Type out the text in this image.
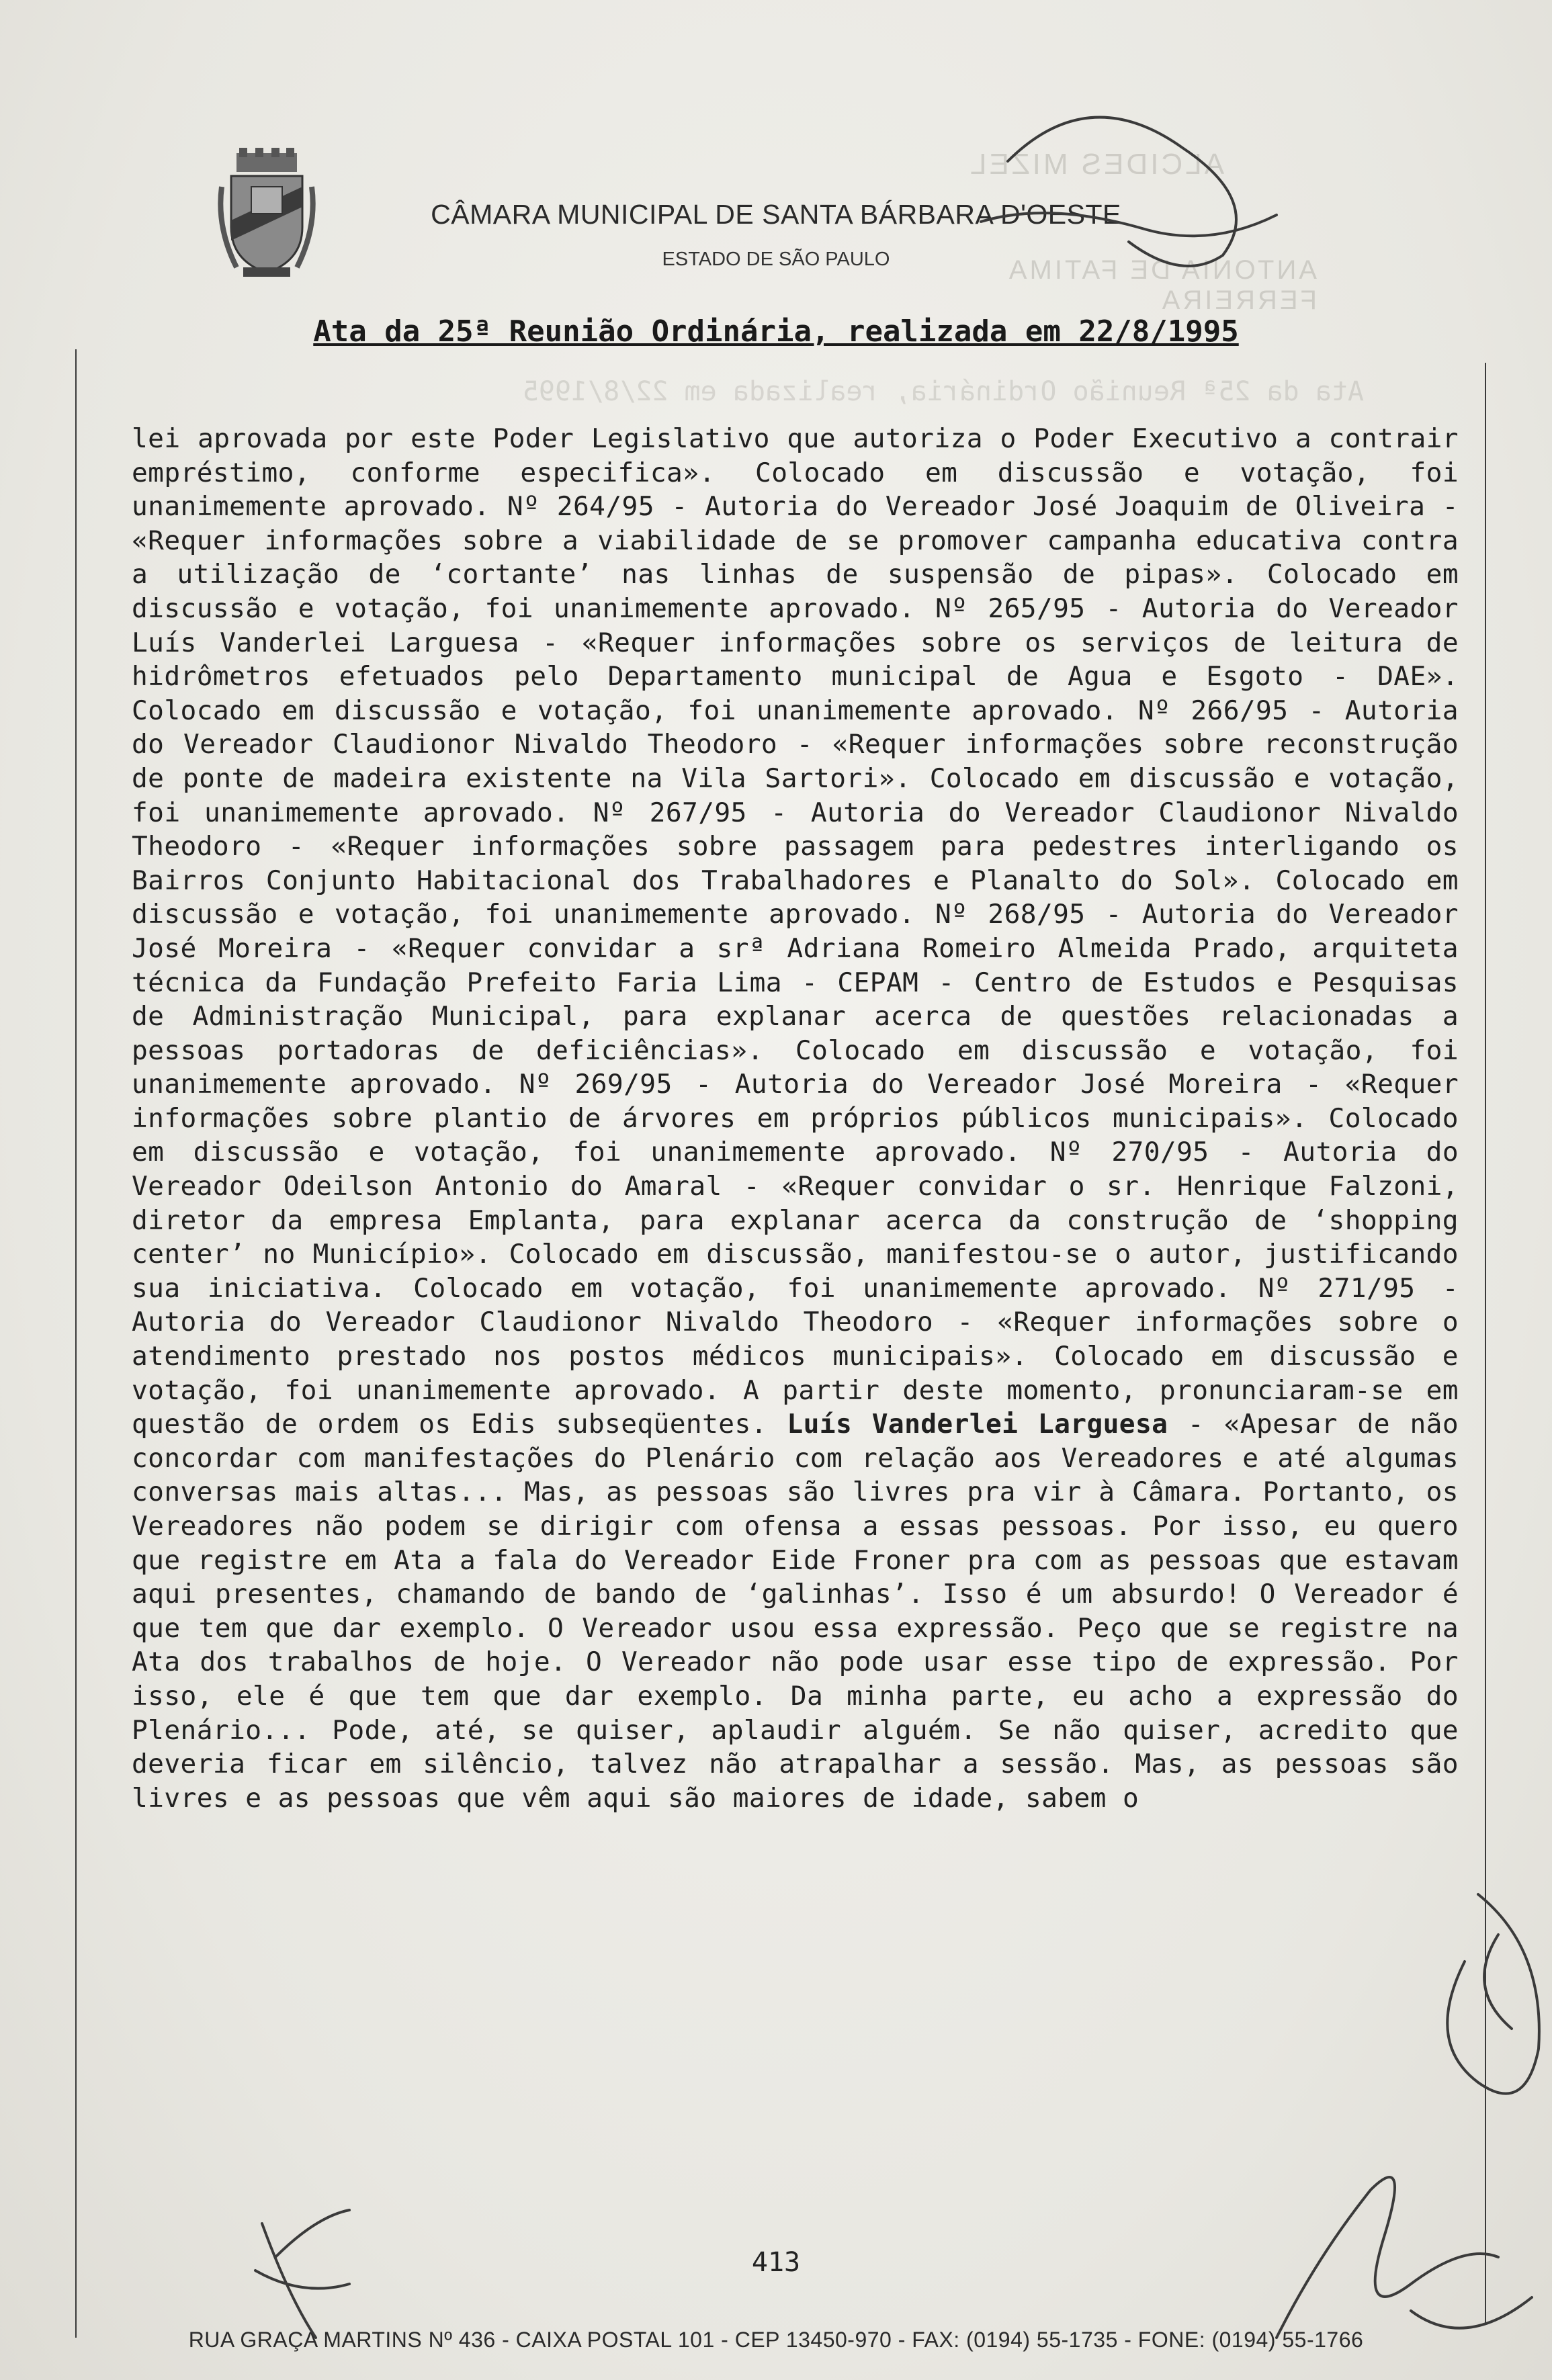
Ata da 25ª Reunião Ordinária, realizada em 22/8/1995
CÂMARA MUNICIPAL DE SANTA BÁRBARA D'OESTE
ESTADO DE SÃO PAULO
ALCIDES MIZEL
ANTONIA DE FATIMA FERREIRA
Ata da 25ª Reunião Ordinária, realizada em 22/8/1995
lei aprovada por este Poder Legislativo que autoriza o Poder Executivo a contrair empréstimo, conforme especifica». Colocado em discussão e votação, foi unanimemente aprovado. Nº 264/95 - Autoria do Vereador José Joaquim de Oliveira - «Requer informações sobre a viabilidade de se promover campanha educativa contra a utilização de ‘cortante’ nas linhas de suspensão de pipas». Colocado em discussão e votação, foi unanimemente aprovado. Nº 265/95 - Autoria do Vereador Luís Vanderlei Larguesa - «Requer informações sobre os serviços de leitura de hidrômetros efetuados pelo Departamento municipal de Agua e Esgoto - DAE». Colocado em discussão e votação, foi unanimemente aprovado. Nº 266/95 - Autoria do Vereador Claudionor Nivaldo Theodoro - «Requer informações sobre reconstrução de ponte de madeira existente na Vila Sartori». Colocado em discussão e votação, foi unanimemente aprovado. Nº 267/95 - Autoria do Vereador Claudionor Nivaldo Theodoro - «Requer informações sobre passagem para pedestres interligando os Bairros Conjunto Habitacional dos Trabalhadores e Planalto do Sol». Colocado em discussão e votação, foi unanimemente aprovado. Nº 268/95 - Autoria do Vereador José Moreira - «Requer convidar a srª Adriana Romeiro Almeida Prado, arquiteta técnica da Fundação Prefeito Faria Lima - CEPAM - Centro de Estudos e Pesquisas de Administração Municipal, para explanar acerca de questões relacionadas a pessoas portadoras de deficiências». Colocado em discussão e votação, foi unanimemente aprovado. Nº 269/95 - Autoria do Vereador José Moreira - «Requer informações sobre plantio de árvores em próprios públicos municipais». Colocado em discussão e votação, foi unanimemente aprovado. Nº 270/95 - Autoria do Vereador Odeilson Antonio do Amaral - «Requer convidar o sr. Henrique Falzoni, diretor da empresa Emplanta, para explanar acerca da construção de ‘shopping center’ no Município». Colocado em discussão, manifestou-se o autor, justificando sua iniciativa. Colocado em votação, foi unanimemente aprovado. Nº 271/95 - Autoria do Vereador Claudionor Nivaldo Theodoro - «Requer informações sobre o atendimento prestado nos postos médicos municipais». Colocado em discussão e votação, foi unanimemente aprovado. A partir deste momento, pronunciaram-se em questão de ordem os Edis subseqüentes. Luís Vanderlei Larguesa - «Apesar de não concordar com manifestações do Plenário com relação aos Vereadores e até algumas conversas mais altas... Mas, as pessoas são livres pra vir à Câmara. Portanto, os Vereadores não podem se dirigir com ofensa a essas pessoas. Por isso, eu quero que registre em Ata a fala do Vereador Eide Froner pra com as pessoas que estavam aqui presentes, chamando de bando de ‘galinhas’. Isso é um absurdo! O Vereador é que tem que dar exemplo. O Vereador usou essa expressão. Peço que se registre na Ata dos trabalhos de hoje. O Vereador não pode usar esse tipo de expressão. Por isso, ele é que tem que dar exemplo. Da minha parte, eu acho a expressão do Plenário... Pode, até, se quiser, aplaudir alguém. Se não quiser, acredito que deveria ficar em silêncio, talvez não atrapalhar a sessão. Mas, as pessoas são livres e as pessoas que vêm aqui são maiores de idade, sabem o
413
RUA GRAÇA MARTINS Nº 436 - CAIXA POSTAL 101 - CEP 13450-970 - FAX: (0194) 55-1735 - FONE: (0194) 55-1766
